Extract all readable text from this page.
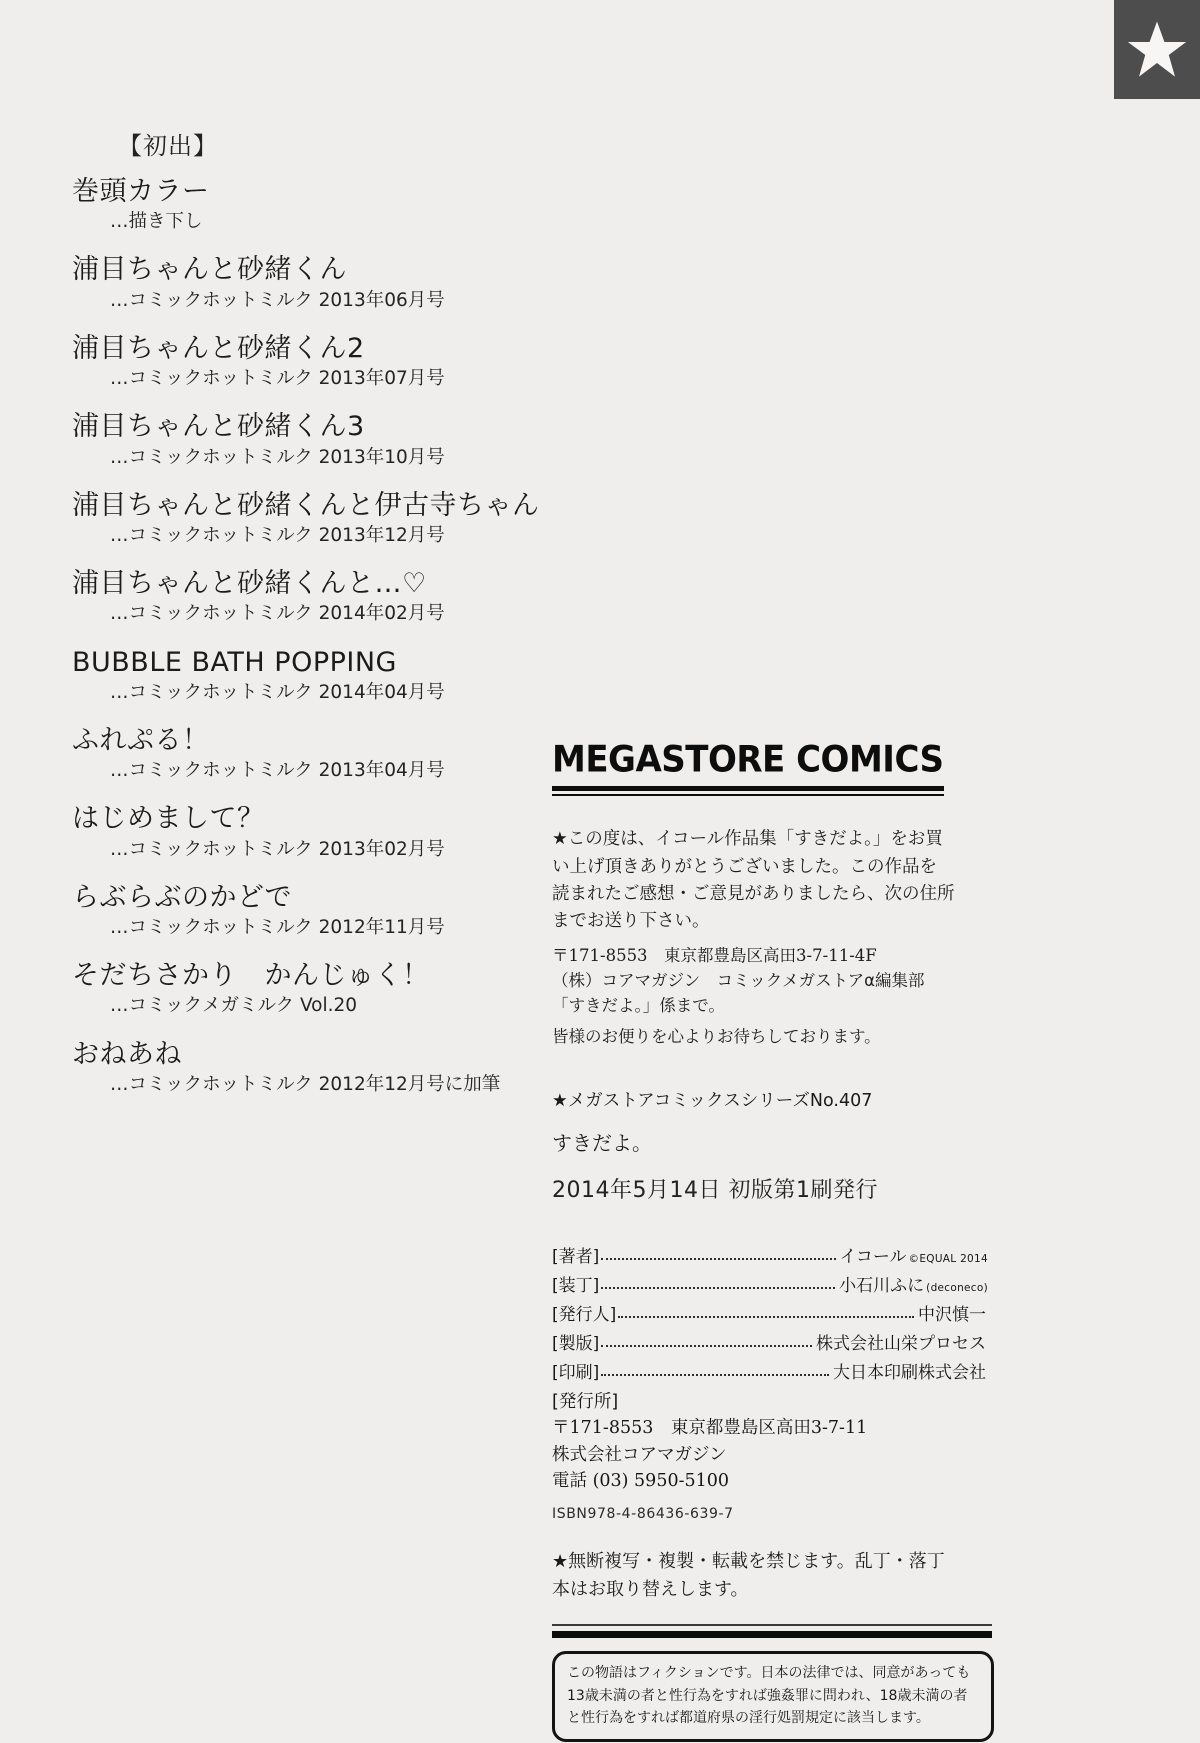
【初出】
巻頭カラー
…描き下し
浦目ちゃんと砂緒くん
…コミックホットミルク 2013年06月号
浦目ちゃんと砂緒くん2
…コミックホットミルク 2013年07月号
浦目ちゃんと砂緒くん3
…コミックホットミルク 2013年10月号
浦目ちゃんと砂緒くんと伊古寺ちゃん
…コミックホットミルク 2013年12月号
浦目ちゃんと砂緒くんと…♡
…コミックホットミルク 2014年02月号
BUBBLE BATH POPPING
…コミックホットミルク 2014年04月号
ふれぷる！
…コミックホットミルク 2013年04月号
はじめまして？
…コミックホットミルク 2013年02月号
らぶらぶのかどで
…コミックホットミルク 2012年11月号
そだちさかり　かんじゅく！
…コミックメガミルク Vol.20
おねあね
…コミックホットミルク 2012年12月号に加筆
MEGASTORE COMICS
★この度は、イコール作品集「すきだよ。」をお買
い上げ頂きありがとうございました。この作品を
読まれたご感想・ご意見がありましたら、次の住所
までお送り下さい。
〒171-8553　東京都豊島区高田3-7-11-4F
（株）コアマガジン　コミックメガストアα編集部
「すきだよ。」係まで。
皆様のお便りを心よりお待ちしております。
★メガストアコミックスシリーズNo.407
すきだよ。
2014年5月14日 初版第1刷発行
[著者]	イコール ©EQUAL 2014
[装丁]	小石川ふに (deconeco)
[発行人]	中沢慎一
[製版]	株式会社山栄プロセス
[印刷]	大日本印刷株式会社
[発行所]
〒171-8553　東京都豊島区高田3-7-11
株式会社コアマガジン
電話 (03) 5950-5100
ISBN978-4-86436-639-7
★無断複写・複製・転載を禁じます。乱丁・落丁
本はお取り替えします。
この物語はフィクションです。日本の法律では、同意があっても
13歳未満の者と性行為をすれば強姦罪に問われ、18歳未満の者
と性行為をすれば都道府県の淫行処罰規定に該当します。
